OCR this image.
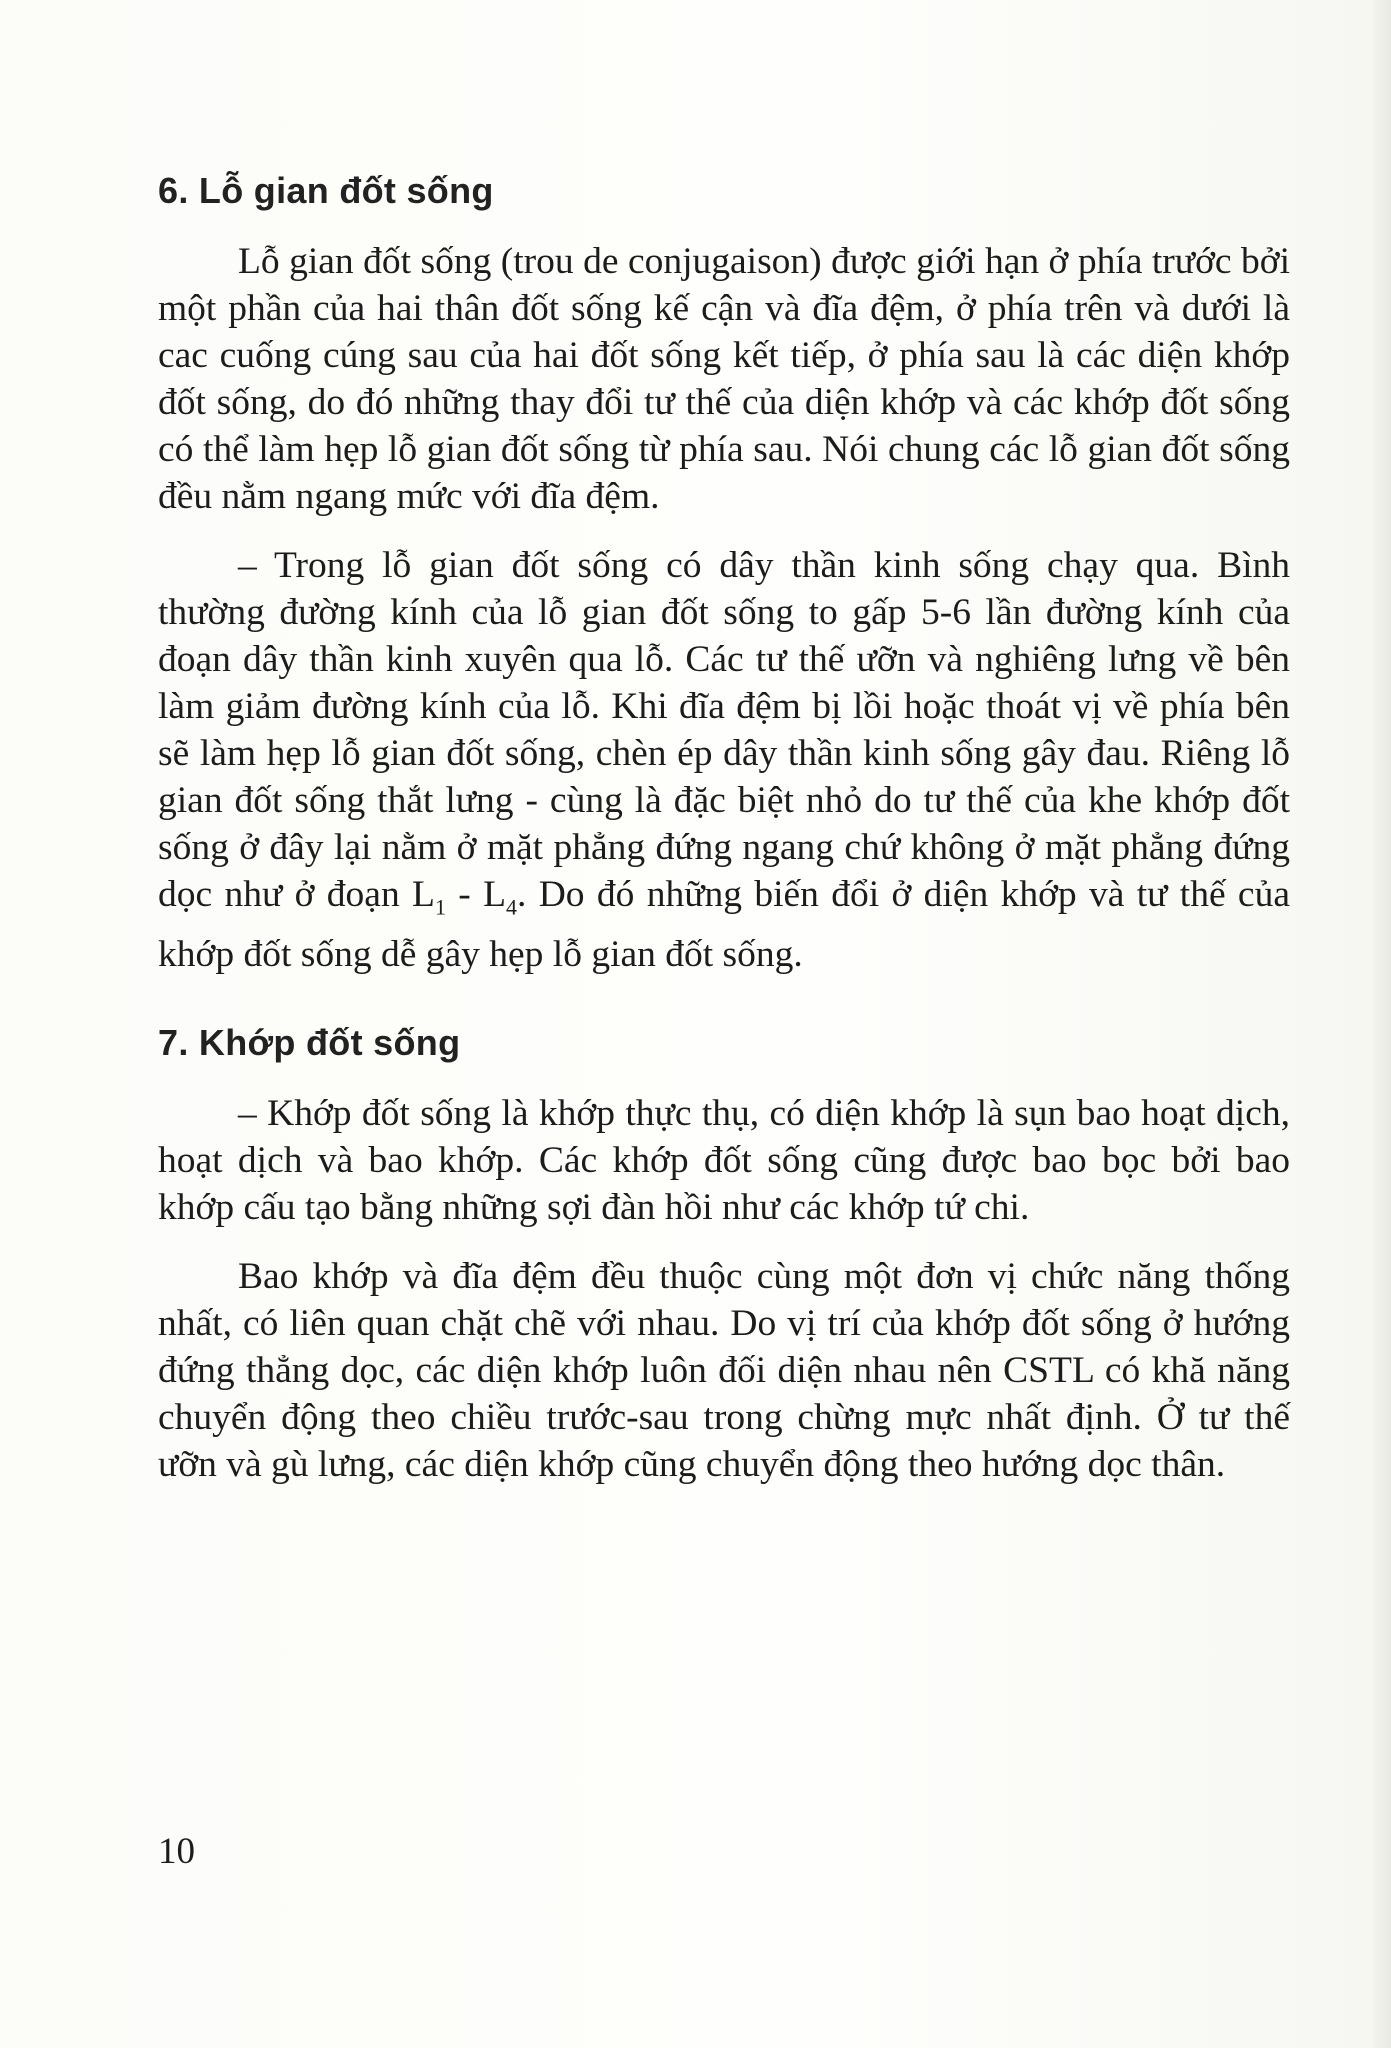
6. Lỗ gian đốt sống

Lỗ gian đốt sống (trou de conjugaison) được giới hạn ở phía trước bởi một phần của hai thân đốt sống kế cận và đĩa đệm, ở phía trên và dưới là cac cuống cúng sau của hai đốt sống kết tiếp, ở phía sau là các diện khớp đốt sống, do đó những thay đổi tư thế của diện khớp và các khớp đốt sống có thể làm hẹp lỗ gian đốt sống từ phía sau. Nói chung các lỗ gian đốt sống đều nằm ngang mức với đĩa đệm.

– Trong lỗ gian đốt sống có dây thần kinh sống chạy qua. Bình thường đường kính của lỗ gian đốt sống to gấp 5-6 lần đường kính của đoạn dây thần kinh xuyên qua lỗ. Các tư thế ưỡn và nghiêng lưng về bên làm giảm đường kính của lỗ. Khi đĩa đệm bị lồi hoặc thoát vị về phía bên sẽ làm hẹp lỗ gian đốt sống, chèn ép dây thần kinh sống gây đau. Riêng lỗ gian đốt sống thắt lưng - cùng là đặc biệt nhỏ do tư thế của khe khớp đốt sống ở đây lại nằm ở mặt phẳng đứng ngang chứ không ở mặt phẳng đứng dọc như ở đoạn $L_1 - L_4$. Do đó những biến đổi ở diện khớp và tư thế của khớp đốt sống dễ gây hẹp lỗ gian đốt sống.

7. Khớp đốt sống

– Khớp đốt sống là khớp thực thụ, có diện khớp là sụn bao hoạt dịch, hoạt dịch và bao khớp. Các khớp đốt sống cũng được bao bọc bởi bao khớp cấu tạo bằng những sợi đàn hồi như các khớp tứ chi.

Bao khớp và đĩa đệm đều thuộc cùng một đơn vị chức năng thống nhất, có liên quan chặt chẽ với nhau. Do vị trí của khớp đốt sống ở hướng đứng thẳng dọc, các diện khớp luôn đối diện nhau nên CSTL có khă năng chuyển động theo chiều trước-sau trong chừng mực nhất định. Ở tư thế ưỡn và gù lưng, các diện khớp cũng chuyển động theo hướng dọc thân.

10
